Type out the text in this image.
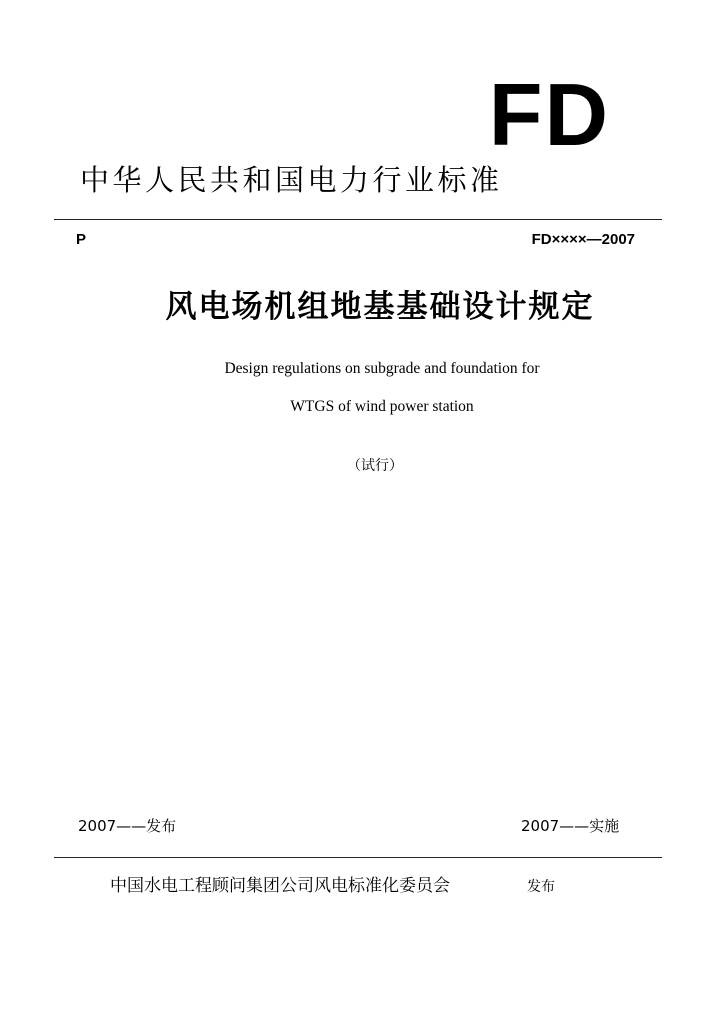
FD
中华人民共和国电力行业标准
P	FD××××—2007
风电场机组地基基础设计规定
Design regulations on subgrade and foundation for
WTGS of wind power station
（试行）
2007——发布	2007——实施
中国水电工程顾问集团公司风电标准化委员会	发布
